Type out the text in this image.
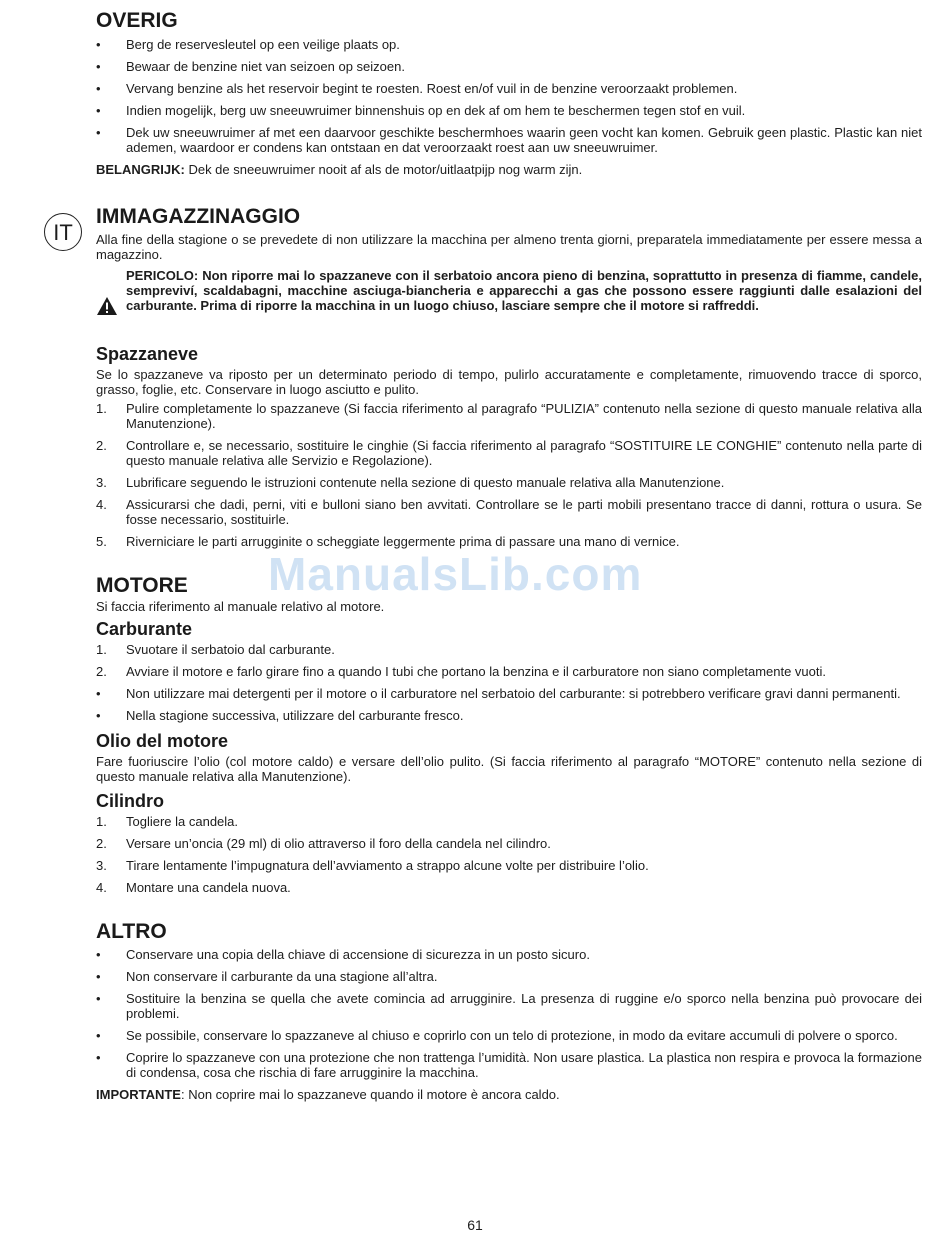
IT
OVERIG
•	Berg de reservesleutel op een veilige plaats op.
•	Bewaar de benzine niet van seizoen op seizoen.
•	Vervang benzine als het reservoir begint te roesten. Roest en/of vuil in de benzine veroorzaakt problemen.
•	Indien mogelijk, berg uw sneeuwruimer binnenshuis op en dek af om hem te beschermen tegen stof en vuil.
•	Dek uw sneeuwruimer af met een daarvoor geschikte beschermhoes waarin geen vocht kan komen. Gebruik geen plastic. Plastic kan niet ademen, waardoor er condens kan ontstaan en dat veroorzaakt roest aan uw sneeuwruimer.

BELANGRIJK: Dek de sneeuwruimer nooit af als de motor/uitlaatpijp nog warm zijn.

IMMAGAZZINAGGIO

Alla fine della stagione o se prevedete di non utilizzare la macchina per almeno trenta giorni, preparatela immediatamente per essere messa a magazzino.

PERICOLO: Non riporre mai lo spazzaneve con il serbatoio ancora pieno di benzina, soprattutto in presenza di fiamme, candele, sempreviví, scaldabagni, macchine asciuga-biancheria e apparecchi a gas che possono essere raggiunti dalle esalazioni del carburante. Prima di riporre la macchina in un luogo chiuso, lasciare sempre che il motore si raffreddi.

Spazzaneve

Se lo spazzaneve va riposto per un determinato periodo di tempo, pulirlo accuratamente e completamente, rimuovendo tracce di sporco, grasso, foglie, etc. Conservare in luogo asciutto e pulito.

1.	Pulire completamente lo spazzaneve (Si faccia riferimento al paragrafo “PULIZIA” contenuto nella sezione di questo manuale relativa alla Manutenzione).
2.	Controllare e, se necessario, sostituire le cinghie (Si faccia riferimento al paragrafo “SOSTITUIRE LE CONGHIE” contenuto nella parte di questo manuale relativa alle Servizio e Regolazione).
3.	Lubrificare seguendo le istruzioni contenute nella sezione di questo manuale relativa alla Manutenzione.
4.	Assicurarsi che dadi, perni, viti e bulloni siano ben avvitati. Controllare se le parti mobili presentano tracce di danni, rottura o usura. Se fosse necessario, sostituirle.
5.	Riverniciare le parti arrugginite o scheggiate leggermente prima di passare una mano di vernice.
MOTORE

Si faccia riferimento al manuale relativo al motore.

Carburante
1.	Svuotare il serbatoio dal carburante.
2.	Avviare il motore e farlo girare fino a quando I tubi che portano la benzina e il carburatore non siano completamente vuoti.
•	Non utilizzare mai detergenti per il motore o il carburatore nel serbatoio del carburante: si potrebbero verificare gravi danni permanenti.
•	Nella stagione successiva, utilizzare del carburante fresco.
Olio del motore

Fare fuoriuscire l’olio (col motore caldo) e versare dell’olio pulito. (Si faccia riferimento al paragrafo “MOTORE” contenuto nella sezione di questo manuale relativa alla Manutenzione).

Cilindro
1.	Togliere la candela.
2.	Versare un’oncia (29 ml) di olio attraverso il foro della candela nel cilindro.
3.	Tirare lentamente l’impugnatura dell’avviamento a strappo alcune volte per distribuire l’olio.
4.	Montare una candela nuova.
ALTRO
•	Conservare una copia della chiave di accensione di sicurezza in un posto sicuro.
•	Non conservare il carburante da una stagione all’altra.
•	Sostituire la benzina se quella che avete comincia ad arrugginire. La presenza di ruggine e/o sporco nella benzina può provocare dei problemi.
•	Se possibile, conservare lo spazzaneve al chiuso e coprirlo con un telo di protezione, in modo da evitare accumuli di polvere o sporco.
•	Coprire lo spazzaneve con una protezione che non trattenga l’umidità. Non usare plastica. La plastica non respira e provoca la formazione di condensa, cosa che rischia di fare arrugginire la macchina.

IMPORTANTE: Non coprire mai lo spazzaneve quando il motore è ancora caldo.

ManualsLib.com
61
